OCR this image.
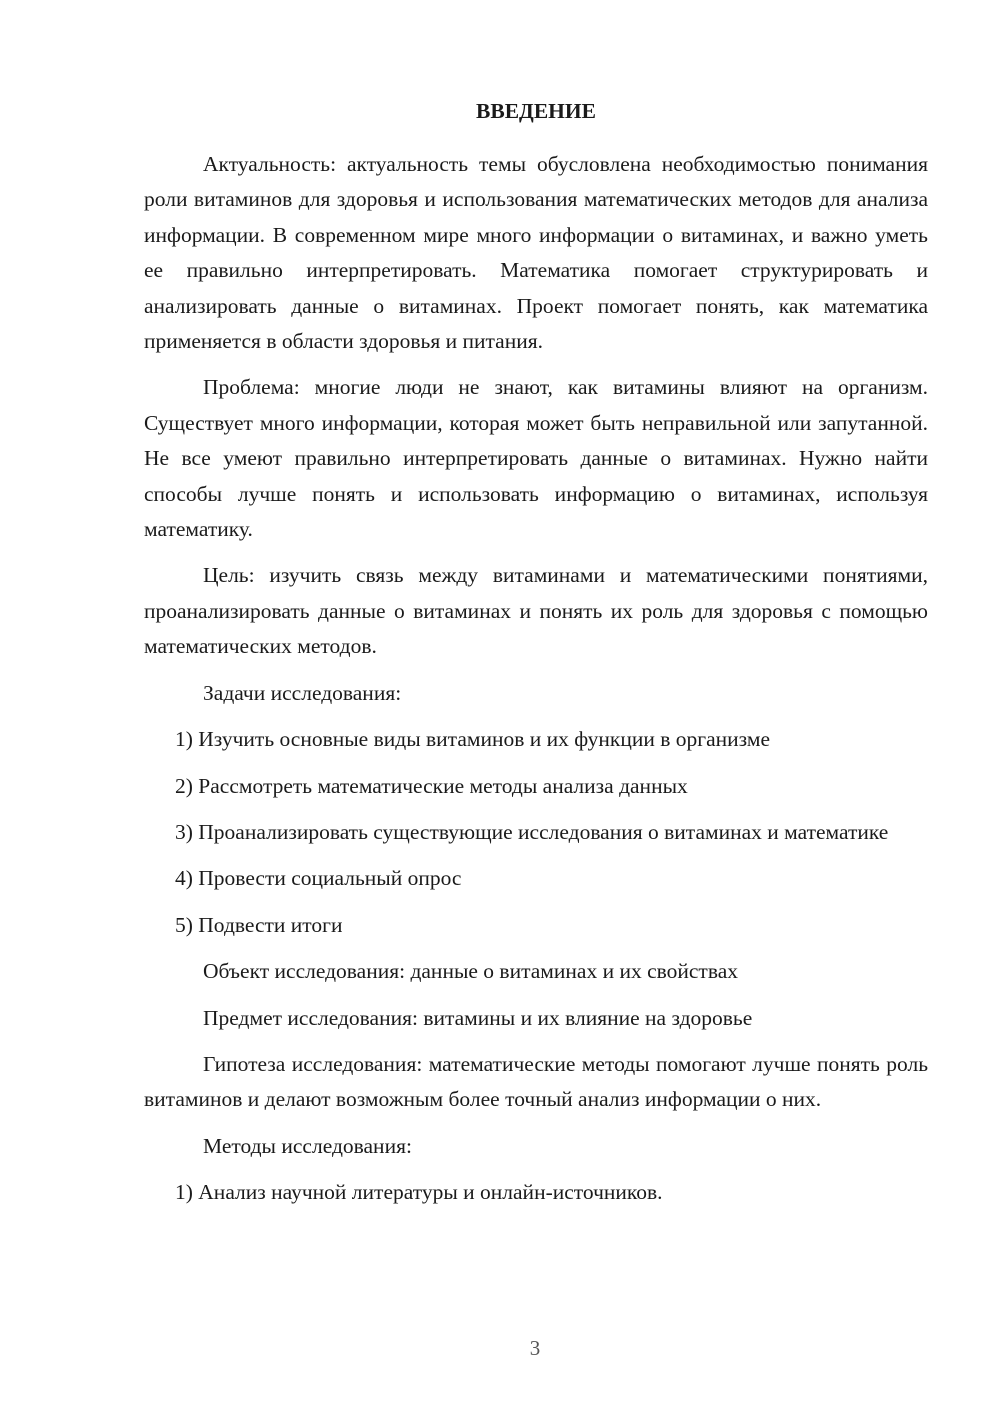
ВВЕДЕНИЕ

Актуальность: актуальность темы обусловлена необходимостью понимания роли витаминов для здоровья и использования математических методов для анализа информации. В современном мире много информации о витаминах, и важно уметь ее правильно интерпретировать. Математика помогает структурировать и анализировать данные о витаминах. Проект помогает понять, как математика применяется в области здоровья и питания.

Проблема: многие люди не знают, как витамины влияют на организм. Существует много информации, которая может быть неправильной или запутанной. Не все умеют правильно интерпретировать данные о витаминах. Нужно найти способы лучше понять и использовать информацию о витаминах, используя математику.

Цель: изучить связь между витаминами и математическими понятиями, проанализировать данные о витаминах и понять их роль для здоровья с помощью математических методов.

Задачи исследования:

1) Изучить основные виды витаминов и их функции в организме

2) Рассмотреть математические методы анализа данных

3) Проанализировать существующие исследования о витаминах и математике

4) Провести социальный опрос

5) Подвести итоги

Объект исследования: данные о витаминах и их свойствах

Предмет исследования: витамины и их влияние на здоровье

Гипотеза исследования: математические методы помогают лучше понять роль витаминов и делают возможным более точный анализ информации о них.

Методы исследования:

1) Анализ научной литературы и онлайн-источников.

3
